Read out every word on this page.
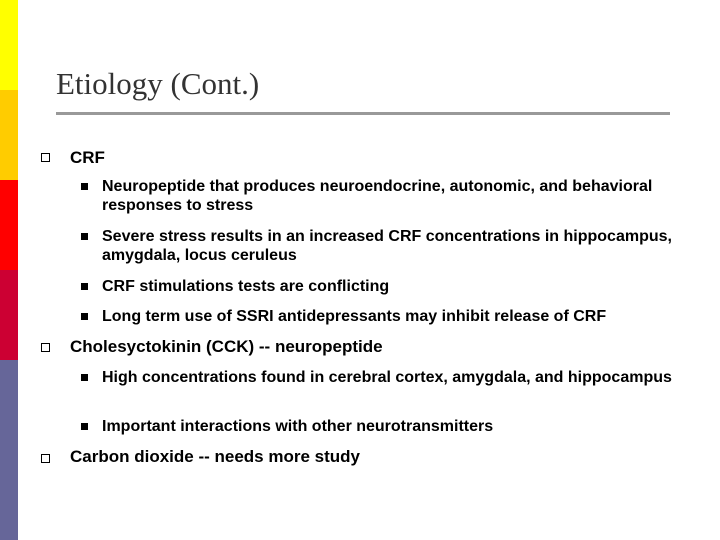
Etiology (Cont.)
CRF
Neuropeptide that produces neuroendocrine, autonomic, and behavioral responses to stress
Severe stress results in an increased CRF concentrations in hippocampus, amygdala, locus ceruleus
CRF stimulations tests are conflicting
Long term use of SSRI antidepressants may inhibit release of CRF
Cholesyctokinin (CCK) -- neuropeptide
High concentrations found in cerebral cortex, amygdala, and hippocampus
Important interactions with other neurotransmitters
Carbon dioxide -- needs more study
